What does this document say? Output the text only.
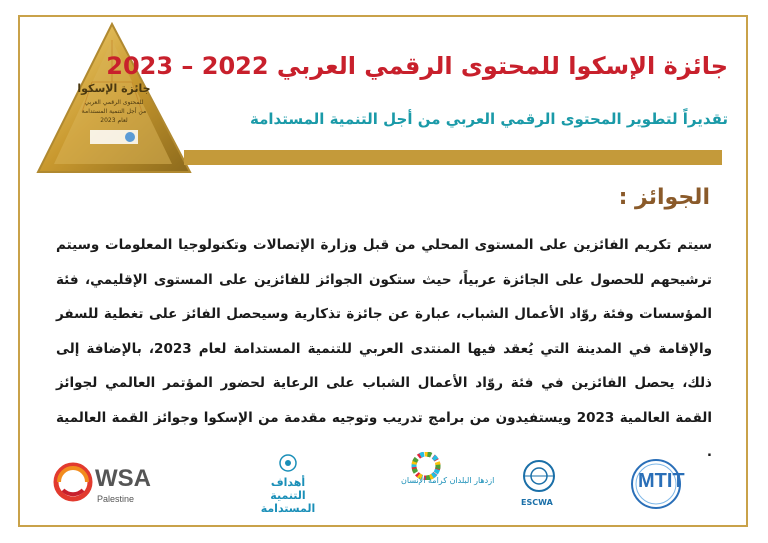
جائزة الإسكوا
للمحتوى الرقمي العربي
من أجل التنمية المستدامة
لعام 2023
جائزة الإسكوا للمحتوى الرقمي العربي 2022 – 2023
تقديراً لتطوير المحتوى الرقمي العربي من أجل التنمية المستدامة
الجوائز :

سيتم تكريم الفائزين على المستوى المحلي من قبل وزارة الإتصالات وتكنولوجيا المعلومات وسيتم ترشيحهم للحصول على الجائزة عربياً، حيث ستكون الجوائز للفائزين على المستوى الإقليمي، فئة المؤسسات وفئة روّاد الأعمال الشباب، عبارة عن جائزة تذكارية وسيحصل الفائز على تغطية للسفر والإقامة في المدينة التي يُعقد فيها المنتدى العربي للتنمية المستدامة لعام 2023، بالإضافة إلى ذلك، يحصل الفائزين في فئة روّاد الأعمال الشباب على الرعاية لحضور المؤتمر العالمي لجوائز القمة العالمية 2023 ويستفيدون من برامج تدريب وتوجيه مقدمة من الإسكوا وجوائز القمة العالمية .

WSA
Palestine
أهداف
التنمية
المستدامة
ازدهار البلدان كرامة الإنسان
ESCWA
MTIT
